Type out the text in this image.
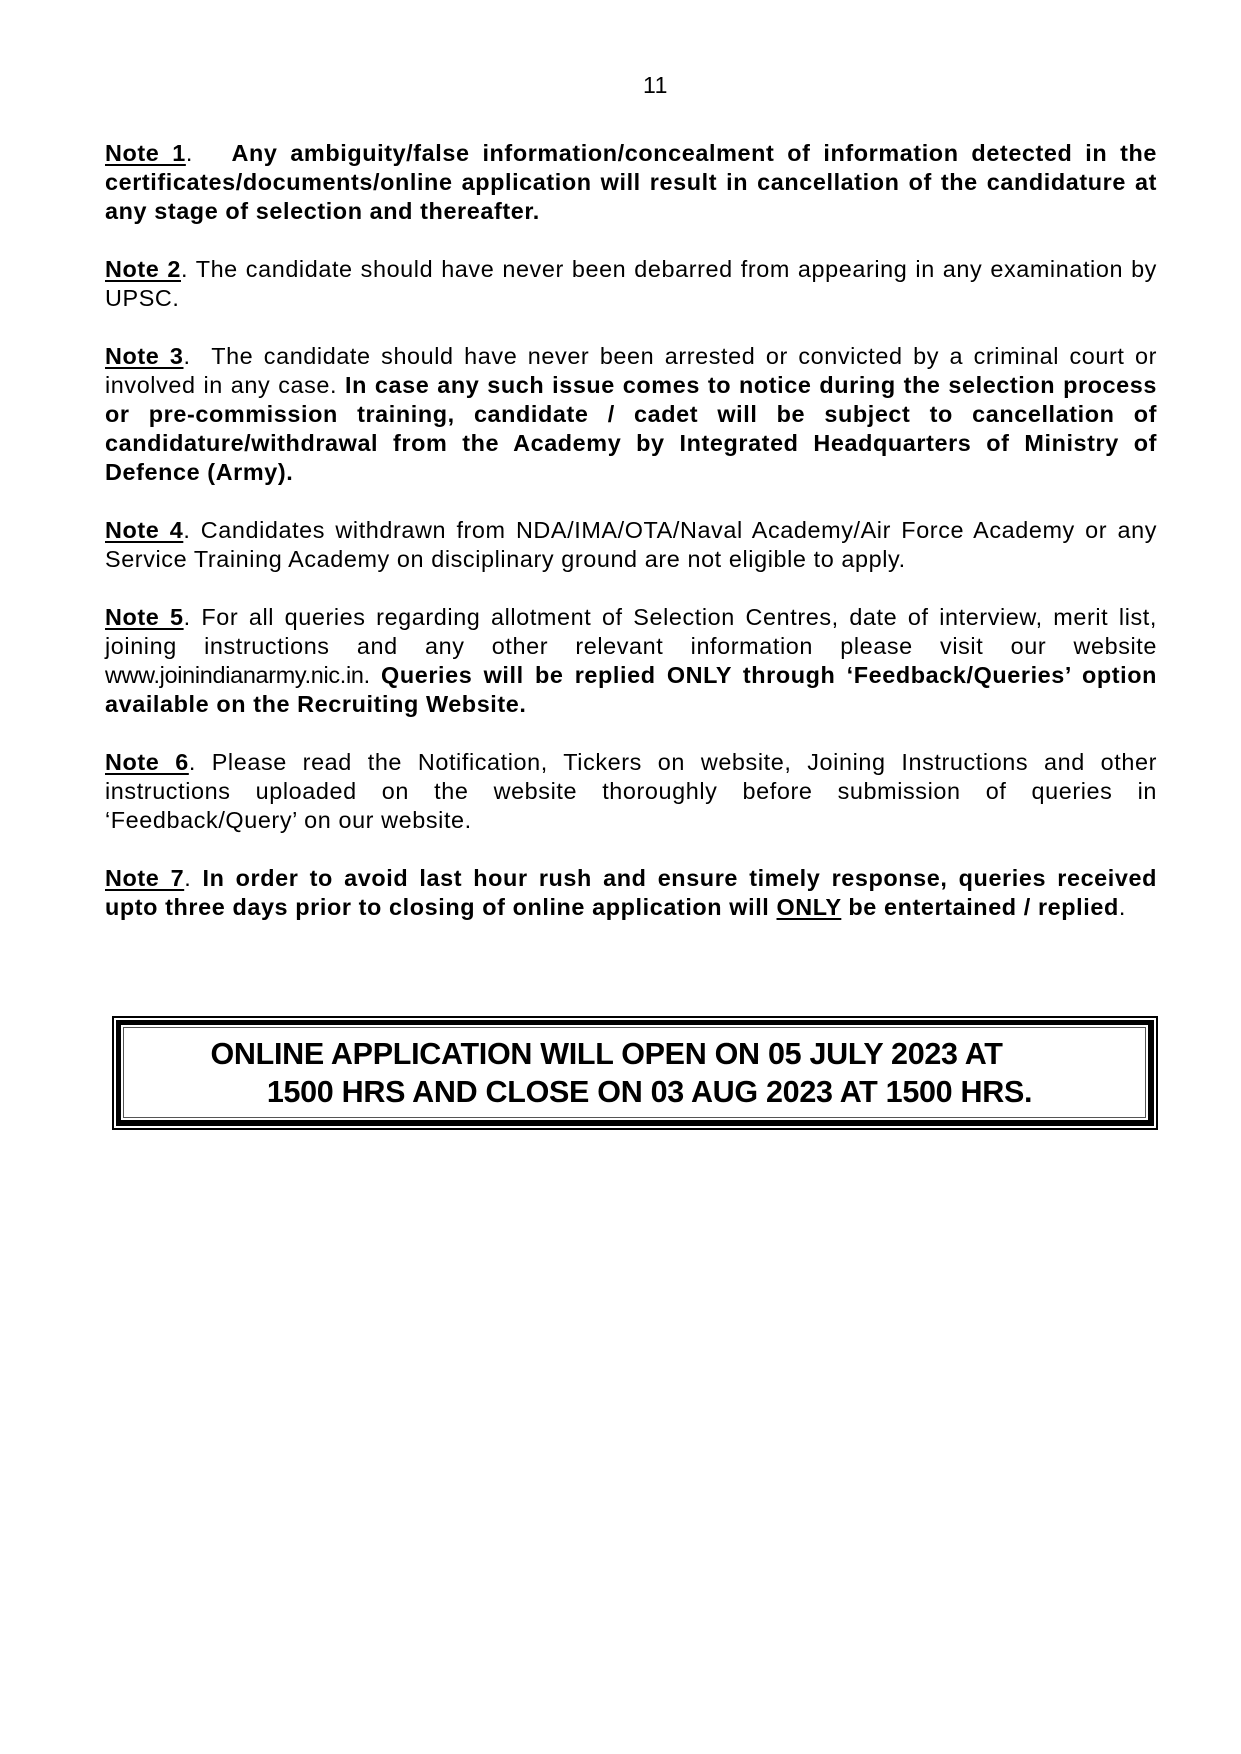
11

Note 1.   Any ambiguity/false information/concealment of information detected in the certificates/documents/online application will result in cancellation of the candidature at any stage of selection and thereafter.

Note 2. The candidate should have never been debarred from appearing in any examination by UPSC.

Note 3.  The candidate should have never been arrested or convicted by a criminal court or involved in any case. In case any such issue comes to notice during the selection process or pre-commission training, candidate / cadet will be subject to cancellation of candidature/withdrawal from the Academy by Integrated Headquarters of Ministry of Defence (Army).

Note 4. Candidates withdrawn from NDA/IMA/OTA/Naval Academy/Air Force Academy or any Service Training Academy on disciplinary ground are not eligible to apply.

Note 5. For all queries regarding allotment of Selection Centres, date of interview, merit list, joining instructions and any other relevant information please visit our website www.joinindianarmy.nic.in. Queries will be replied ONLY through ‘Feedback/Queries’ option available on the Recruiting Website.

Note 6. Please read the Notification, Tickers on website, Joining Instructions and other instructions uploaded on the website thoroughly before submission of queries in ‘Feedback/Query’ on our website.

Note 7. In order to avoid last hour rush and ensure timely response, queries received upto three days prior to closing of online application will ONLY be entertained / replied.

ONLINE APPLICATION WILL OPEN ON 05 JULY 2023 AT
1500 HRS AND CLOSE ON 03 AUG 2023 AT 1500 HRS.
